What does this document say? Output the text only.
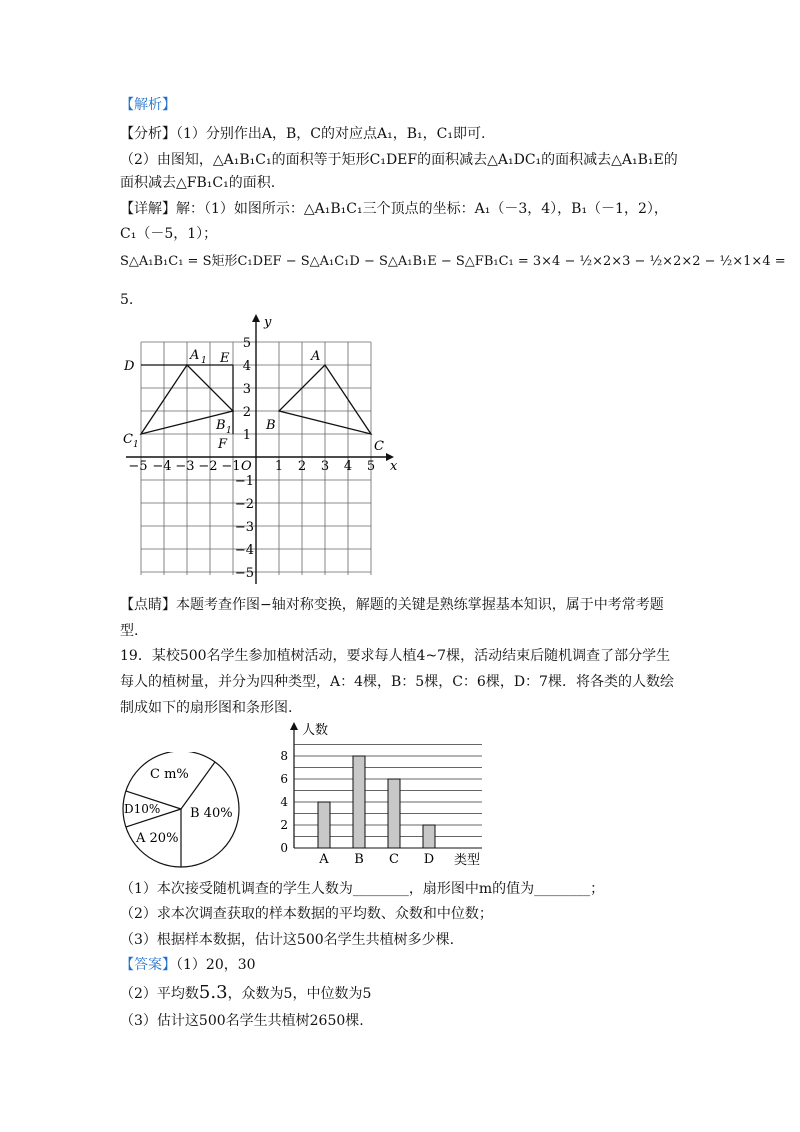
【解析】
【分析】（1）分别作出A，B，C的对应点A₁，B₁，C₁即可.
（2）由图知，△A₁B₁C₁的面积等于矩形C₁DEF的面积减去△A₁DC₁的面积减去△A₁B₁E的
面积减去△FB₁C₁的面积.
【详解】解：（1）如图所示：△A₁B₁C₁三个顶点的坐标：A₁（－3，4），B₁（－1，2），
C₁（－5，1）；
S△A₁B₁C₁ = S矩形C₁DEF − S△A₁C₁D − S△A₁B₁E − S△FB₁C₁ = 3×4 − ½×2×3 − ½×2×2 − ½×1×4 =
5.
y
x
O
−5 −4 −3 −2 −1	1 2 3 4 5
5
4
3
2
1
−1
−2
−3
−4
−5
D
A 1 E
B 1
F
C 1
A
B
C
【点睛】本题考查作图−轴对称变换，解题的关键是熟练掌握基本知识，属于中考常考题
型.
19．某校500名学生参加植树活动，要求每人植4~7棵，活动结束后随机调查了部分学生
每人的植树量，并分为四种类型，A：4棵，B：5棵，C：6棵，D：7棵．将各类的人数绘
制成如下的扇形图和条形图.
C m%
D10% B 40%
A 20%
人数
类型
0
2
4
6
8
A B C D
（1）本次接受随机调查的学生人数为________，扇形图中m的值为________；
（2）求本次调查获取的样本数据的平均数、众数和中位数；
（3）根据样本数据，估计这500名学生共植树多少棵.
【答案】（1）20，30
（2）平均数5.3，众数为5，中位数为5
（3）估计这500名学生共植树2650棵.
